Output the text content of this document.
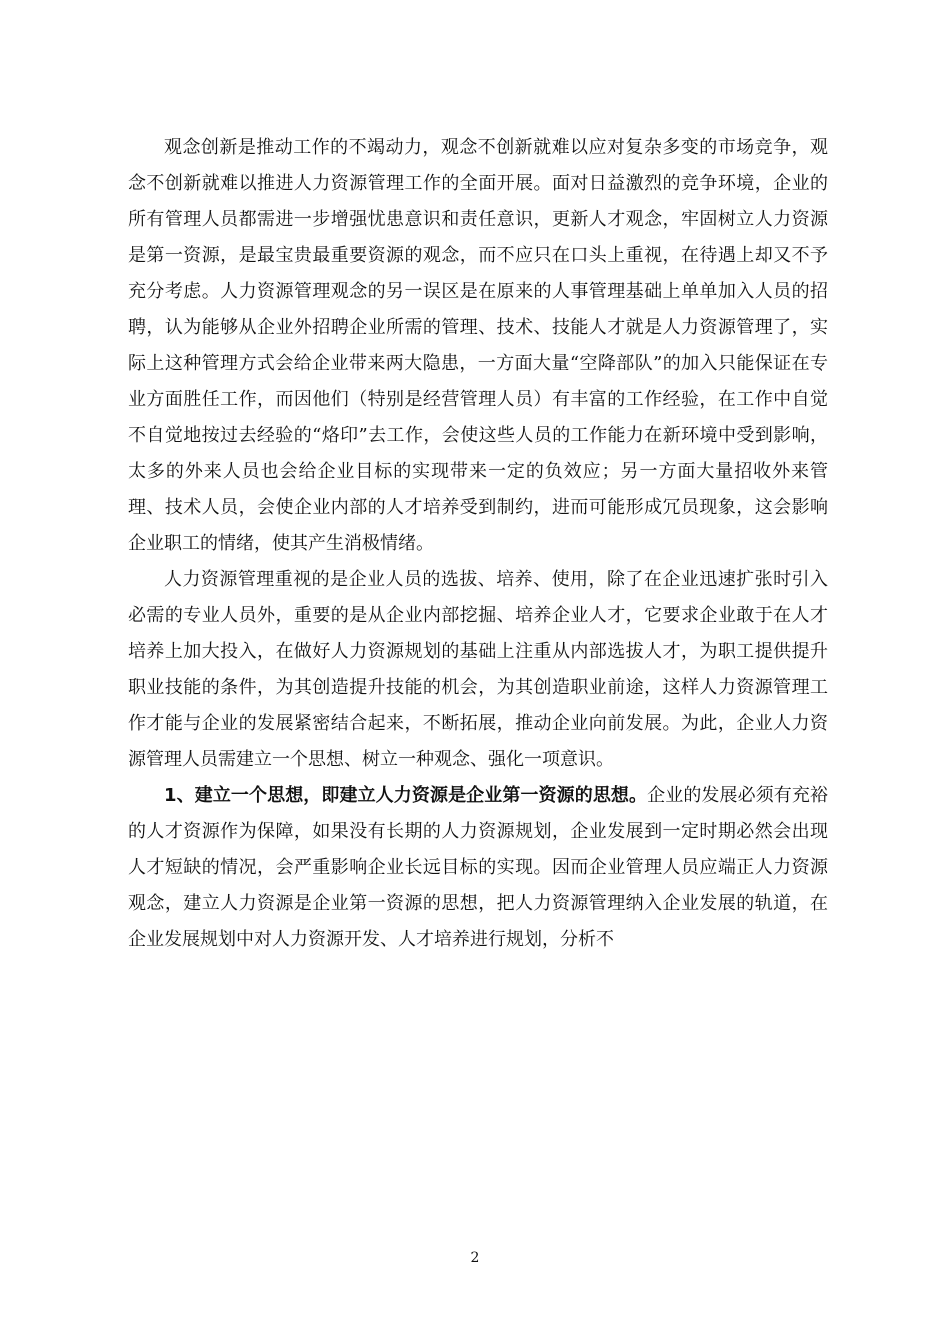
观念创新是推动工作的不竭动力，观念不创新就难以应对复杂多变的市场竞争，观念不创新就难以推进人力资源管理工作的全面开展。面对日益激烈的竞争环境，企业的所有管理人员都需进一步增强忧患意识和责任意识，更新人才观念，牢固树立人力资源是第一资源，是最宝贵最重要资源的观念，而不应只在口头上重视，在待遇上却又不予充分考虑。人力资源管理观念的另一误区是在原来的人事管理基础上单单加入人员的招聘，认为能够从企业外招聘企业所需的管理、技术、技能人才就是人力资源管理了，实际上这种管理方式会给企业带来两大隐患，一方面大量“空降部队”的加入只能保证在专业方面胜任工作，而因他们（特别是经营管理人员）有丰富的工作经验，在工作中自觉不自觉地按过去经验的“烙印”去工作，会使这些人员的工作能力在新环境中受到影响，太多的外来人员也会给企业目标的实现带来一定的负效应；另一方面大量招收外来管理、技术人员，会使企业内部的人才培养受到制约，进而可能形成冗员现象，这会影响企业职工的情绪，使其产生消极情绪。

人力资源管理重视的是企业人员的选拔、培养、使用，除了在企业迅速扩张时引入必需的专业人员外，重要的是从企业内部挖掘、培养企业人才，它要求企业敢于在人才培养上加大投入，在做好人力资源规划的基础上注重从内部选拔人才，为职工提供提升职业技能的条件，为其创造提升技能的机会，为其创造职业前途，这样人力资源管理工作才能与企业的发展紧密结合起来，不断拓展，推动企业向前发展。为此，企业人力资源管理人员需建立一个思想、树立一种观念、强化一项意识。

1、建立一个思想，即建立人力资源是企业第一资源的思想。企业的发展必须有充裕的人才资源作为保障，如果没有长期的人力资源规划，企业发展到一定时期必然会出现人才短缺的情况，会严重影响企业长远目标的实现。因而企业管理人员应端正人力资源观念，建立人力资源是企业第一资源的思想，把人力资源管理纳入企业发展的轨道，在企业发展规划中对人力资源开发、人才培养进行规划，分析不

2
